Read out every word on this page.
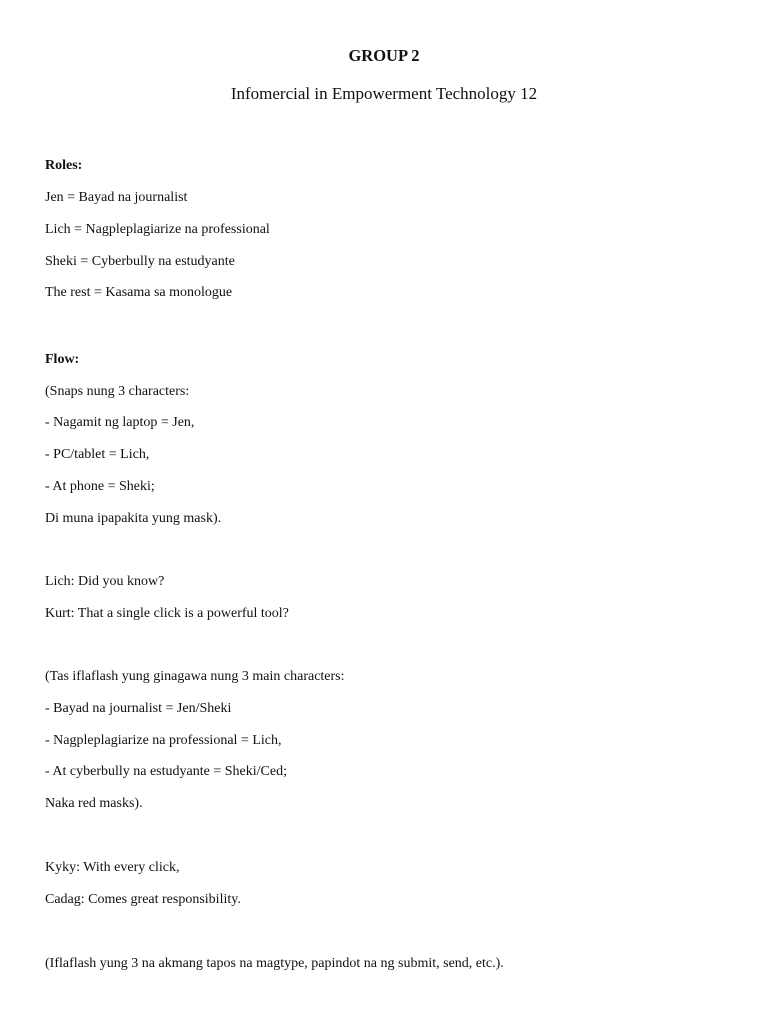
GROUP 2
Infomercial in Empowerment Technology 12

Roles:

Jen = Bayad na journalist

Lich = Nagpleplagiarize na professional

Sheki = Cyberbully na estudyante

The rest = Kasama sa monologue

Flow:

(Snaps nung 3 characters:

- Nagamit ng laptop = Jen,

- PC/tablet = Lich,

- At phone = Sheki;

Di muna ipapakita yung mask).

Lich: Did you know?

Kurt: That a single click is a powerful tool?

(Tas iflaflash yung ginagawa nung 3 main characters:

- Bayad na journalist = Jen/Sheki

- Nagpleplagiarize na professional = Lich,

- At cyberbully na estudyante = Sheki/Ced;

Naka red masks).

Kyky: With every click,

Cadag: Comes great responsibility.

(Iflaflash yung 3 na akmang tapos na magtype, papindot na ng submit, send, etc.).
